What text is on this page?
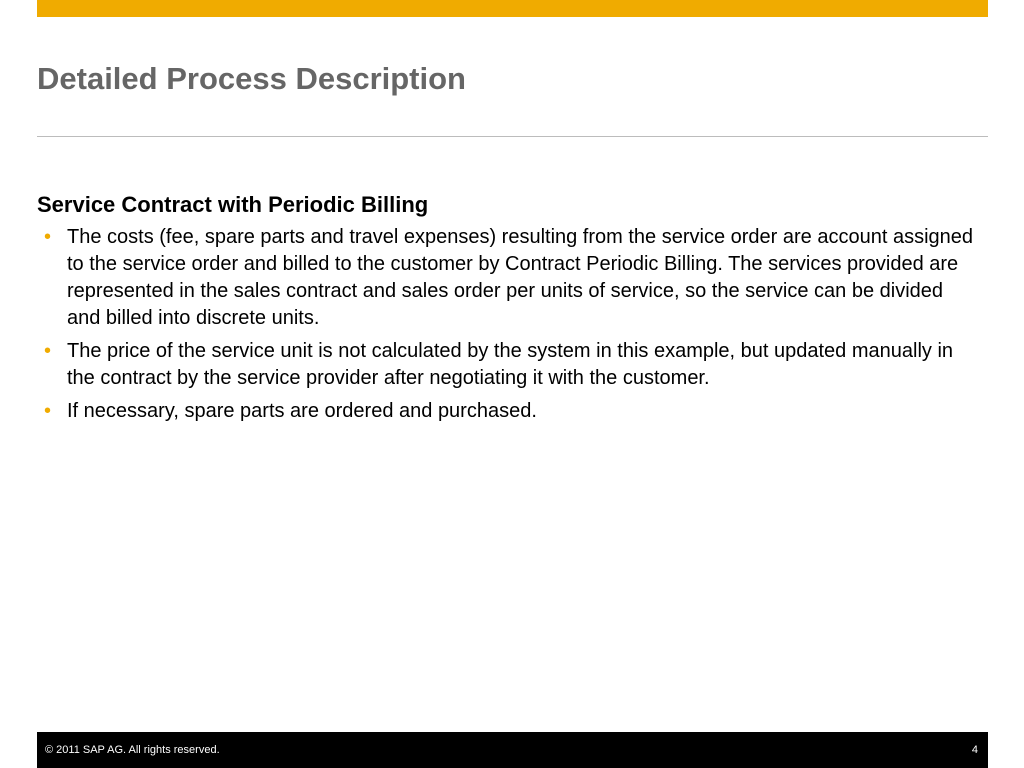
Detailed Process Description
Service Contract with Periodic Billing
• The costs (fee, spare parts and travel expenses) resulting from the service order are account assigned to the service order and billed to the customer by Contract Periodic Billing. The services provided are represented in the sales contract and sales order per units of service, so the service can be divided and billed into discrete units.
• The price of the service unit is not calculated by the system in this example, but updated manually in the contract by the service provider after negotiating it with the customer.
• If necessary, spare parts are ordered and purchased.
© 2011 SAP AG. All rights reserved.	4
